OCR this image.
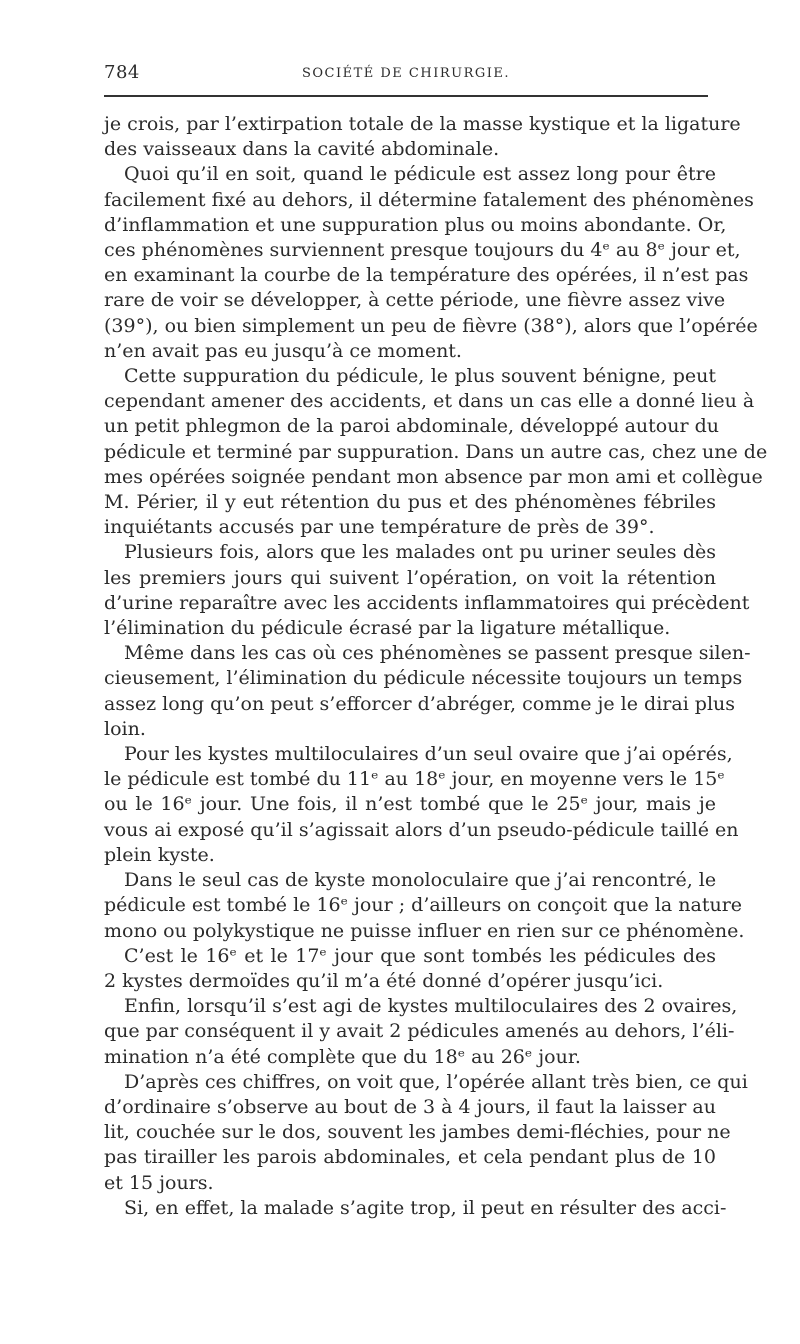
784	SOCIÉTÉ DE CHIRURGIE.
je crois, par l’extirpation totale de la masse kystique et la ligature
des vaisseaux dans la cavité abdominale.
Quoi qu’il en soit, quand le pédicule est assez long pour être
facilement fixé au dehors, il détermine fatalement des phénomènes
d’inflammation et une suppuration plus ou moins abondante. Or,
ces phénomènes surviennent presque toujours du 4ᵉ au 8ᵉ jour et,
en examinant la courbe de la température des opérées, il n’est pas
rare de voir se développer, à cette période, une fièvre assez vive
(39°), ou bien simplement un peu de fièvre (38°), alors que l’opérée
n’en avait pas eu jusqu’à ce moment.
Cette suppuration du pédicule, le plus souvent bénigne, peut
cependant amener des accidents, et dans un cas elle a donné lieu à
un petit phlegmon de la paroi abdominale, développé autour du
pédicule et terminé par suppuration. Dans un autre cas, chez une de
mes opérées soignée pendant mon absence par mon ami et collègue
M. Périer, il y eut rétention du pus et des phénomènes fébriles
inquiétants accusés par une température de près de 39°.
Plusieurs fois, alors que les malades ont pu uriner seules dès
les premiers jours qui suivent l’opération, on voit la rétention
d’urine reparaître avec les accidents inflammatoires qui précèdent
l’élimination du pédicule écrasé par la ligature métallique.
Même dans les cas où ces phénomènes se passent presque silen-
cieusement, l’élimination du pédicule nécessite toujours un temps
assez long qu’on peut s’efforcer d’abréger, comme je le dirai plus
loin.
Pour les kystes multiloculaires d’un seul ovaire que j’ai opérés,
le pédicule est tombé du 11ᵉ au 18ᵉ jour, en moyenne vers le 15ᵉ
ou le 16ᵉ jour. Une fois, il n’est tombé que le 25ᵉ jour, mais je
vous ai exposé qu’il s’agissait alors d’un pseudo-pédicule taillé en
plein kyste.
Dans le seul cas de kyste monoloculaire que j’ai rencontré, le
pédicule est tombé le 16ᵉ jour ; d’ailleurs on conçoit que la nature
mono ou polykystique ne puisse influer en rien sur ce phénomène.
C’est le 16ᵉ et le 17ᵉ jour que sont tombés les pédicules des
2 kystes dermoïdes qu’il m’a été donné d’opérer jusqu’ici.
Enfin, lorsqu’il s’est agi de kystes multiloculaires des 2 ovaires,
que par conséquent il y avait 2 pédicules amenés au dehors, l’éli-
mination n’a été complète que du 18ᵉ au 26ᵉ jour.
D’après ces chiffres, on voit que, l’opérée allant très bien, ce qui
d’ordinaire s’observe au bout de 3 à 4 jours, il faut la laisser au
lit, couchée sur le dos, souvent les jambes demi-fléchies, pour ne
pas tirailler les parois abdominales, et cela pendant plus de 10
et 15 jours.
Si, en effet, la malade s’agite trop, il peut en résulter des acci-
